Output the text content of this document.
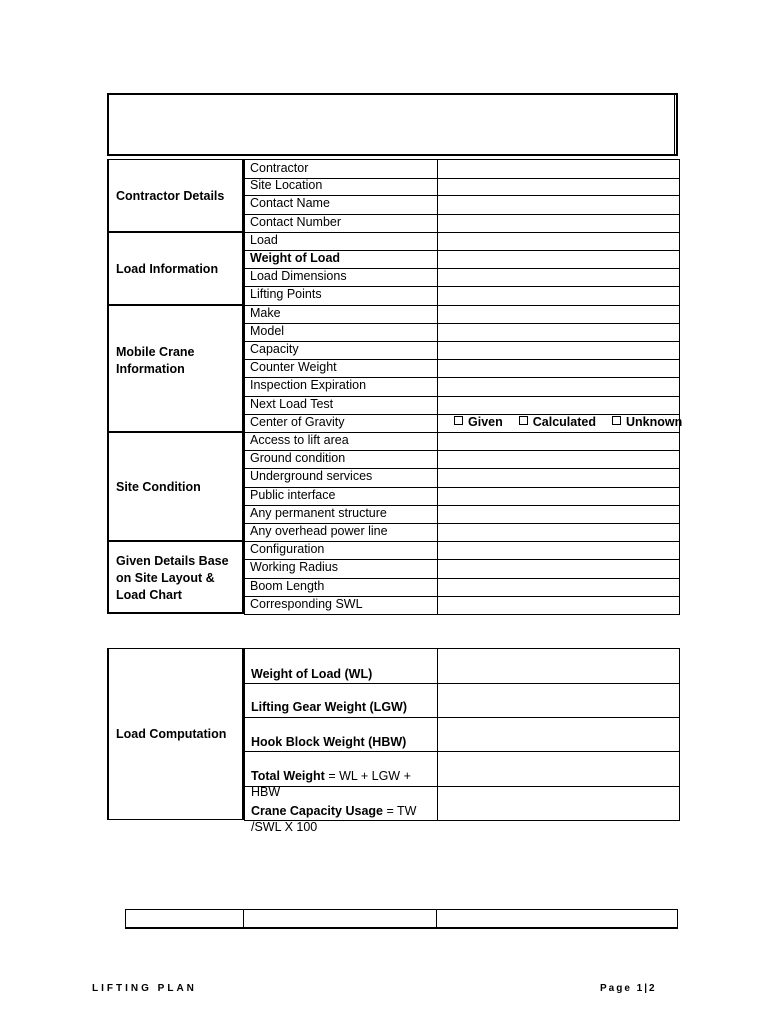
Contractor Details
Contractor
Site Location
Contact Name
Contact Number
Load Information
Load
Weight of Load
Load Dimensions
Lifting Points
Mobile Crane Information
Make
Model
Capacity
Counter Weight
Inspection Expiration
Next Load Test
Center of Gravity	Given Calculated Unknown
Site Condition
Access to lift area
Ground condition
Underground services
Public interface
Any permanent structure
Any overhead power line
Given Details Base on Site Layout & Load Chart
Configuration
Working Radius
Boom Length
Corresponding SWL
Load Computation
Weight of Load (WL)
Lifting Gear Weight (LGW)
Hook Block Weight (HBW)
Total Weight = WL + LGW + HBW
Crane Capacity Usage = TW /SWL X 100
LIFTING PLAN	Page 1|2
